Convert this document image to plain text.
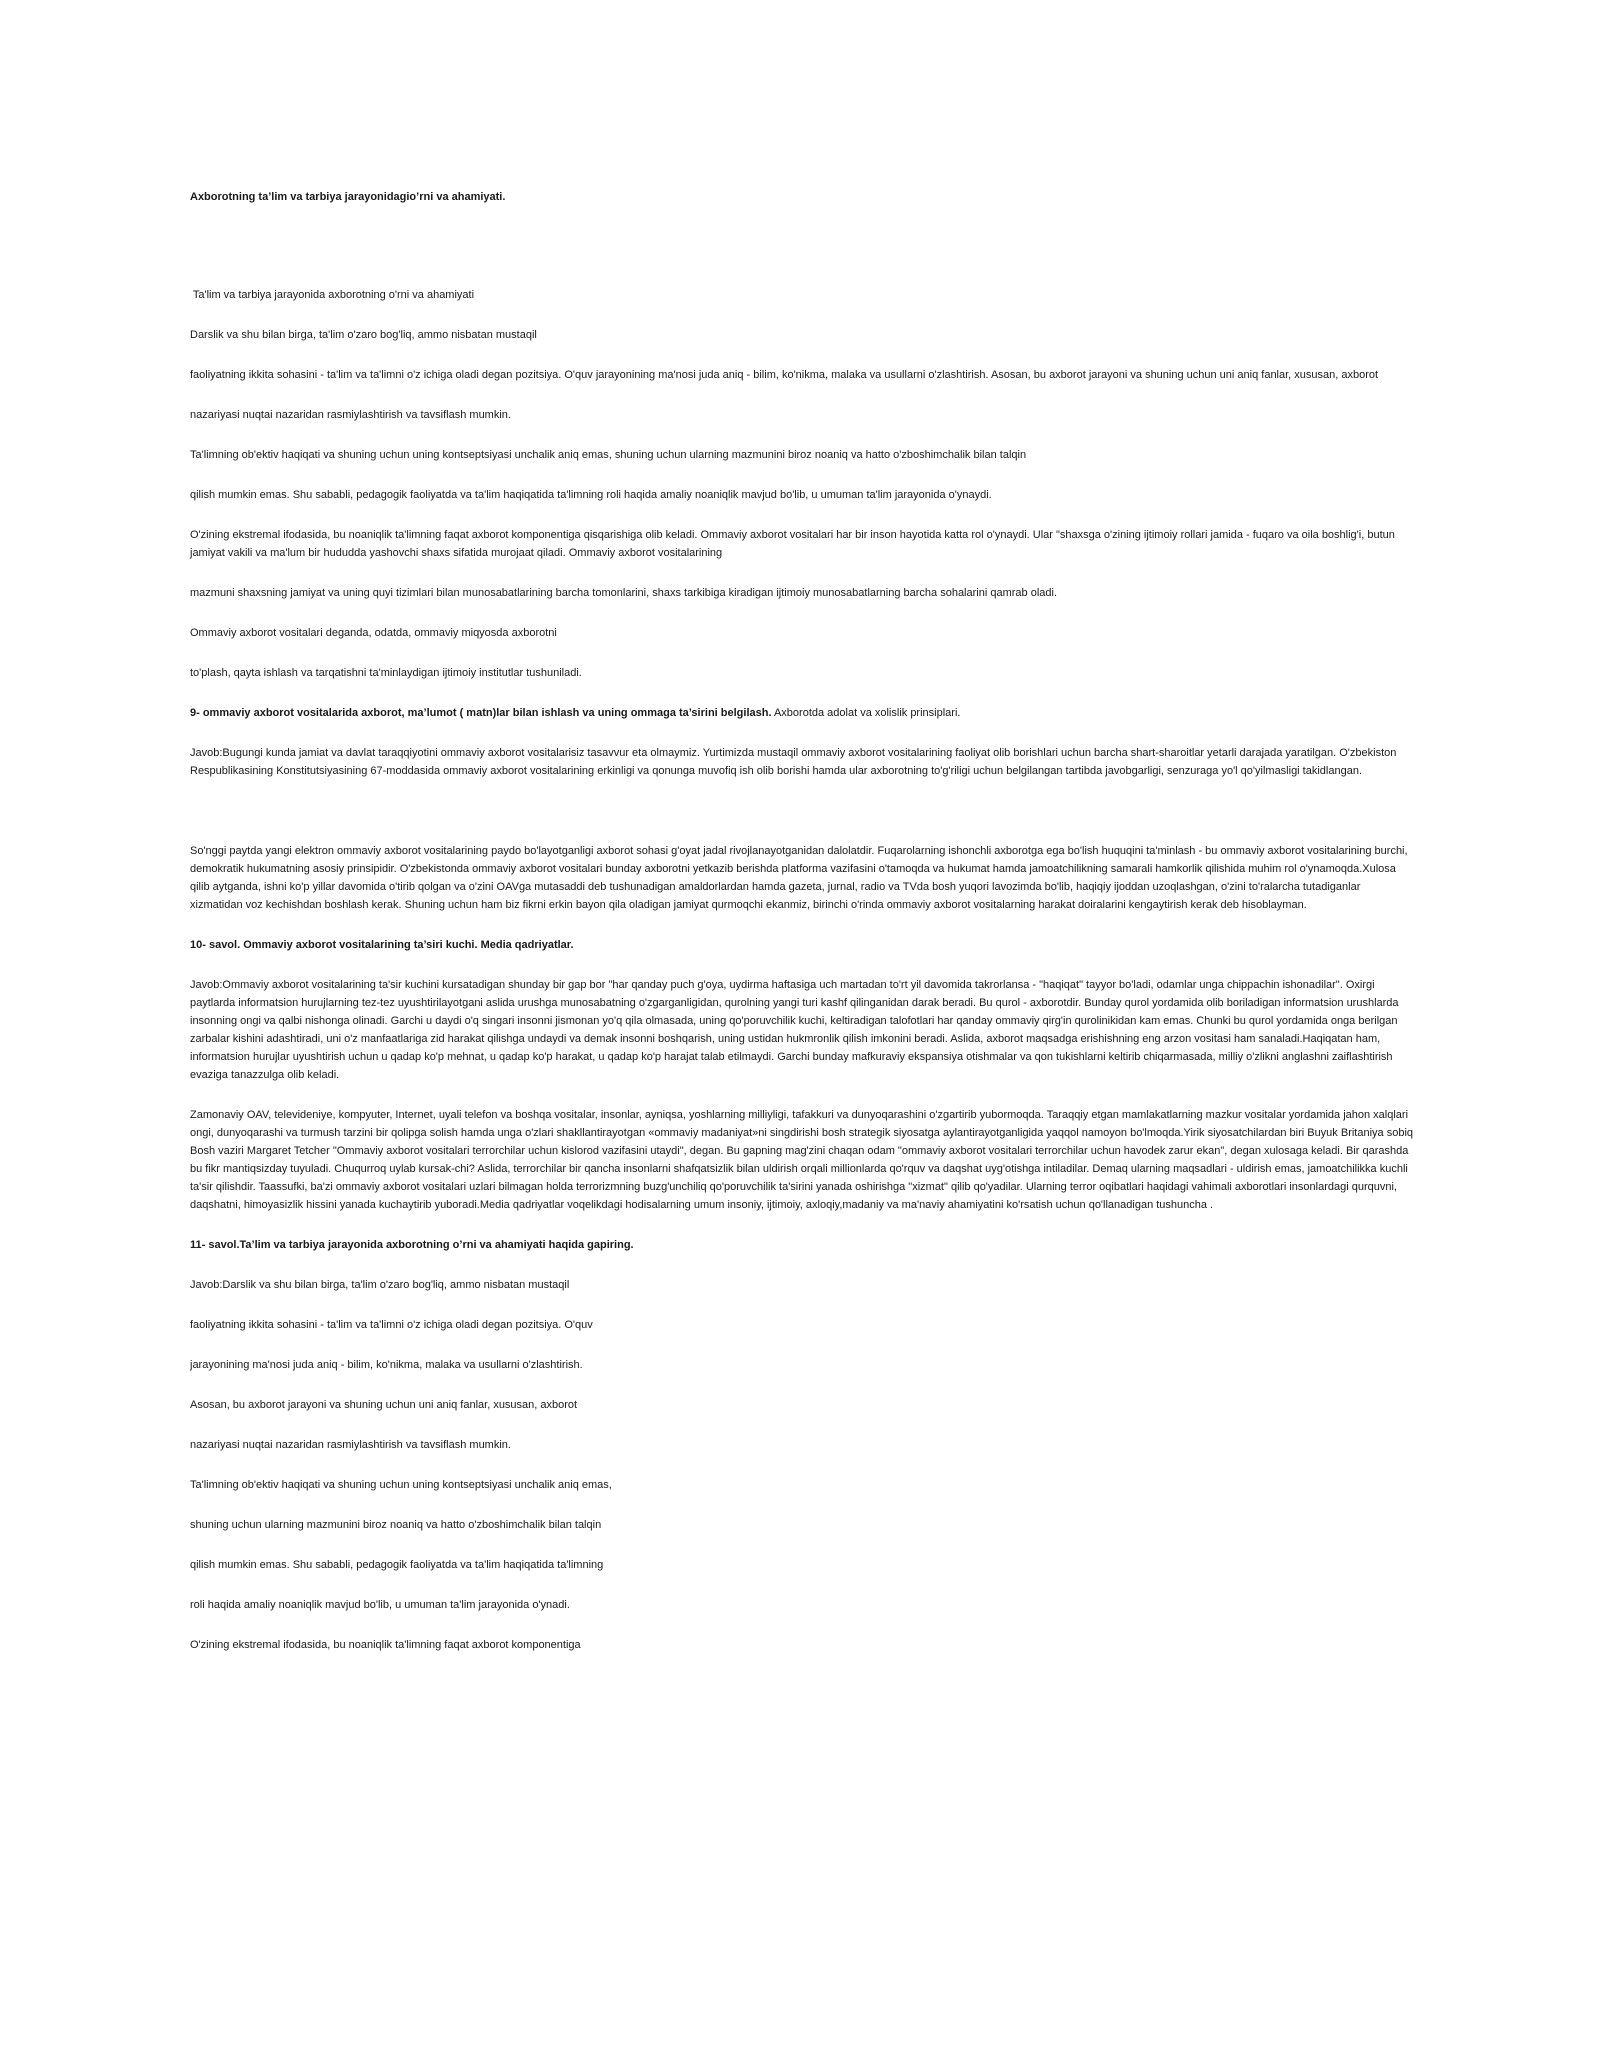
Axborotning ta’lim va tarbiya jarayonidagio’rni va ahamiyati.

Ta'lim va tarbiya jarayonida axborotning o'rni va ahamiyati

Darslik va shu bilan birga, ta'lim o'zaro bog'liq, ammo nisbatan mustaqil

faoliyatning ikkita sohasini - ta'lim va ta'limni o'z ichiga oladi degan pozitsiya. O'quv jarayonining ma'nosi juda aniq - bilim, ko'nikma, malaka va usullarni o'zlashtirish. Asosan, bu axborot jarayoni va shuning uchun uni aniq fanlar, xususan, axborot

nazariyasi nuqtai nazaridan rasmiylashtirish va tavsiflash mumkin.

Ta'limning ob'ektiv haqiqati va shuning uchun uning kontseptsiyasi unchalik aniq emas, shuning uchun ularning mazmunini biroz noaniq va hatto o'zboshimchalik bilan talqin

qilish mumkin emas. Shu sababli, pedagogik faoliyatda va ta'lim haqiqatida ta'limning roli haqida amaliy noaniqlik mavjud bo'lib, u umuman ta'lim jarayonida o'ynaydi.

O'zining ekstremal ifodasida, bu noaniqlik ta'limning faqat axborot komponentiga qisqarishiga olib keladi. Ommaviy axborot vositalari har bir inson hayotida katta rol o'ynaydi. Ular "shaxsga o'zining ijtimoiy rollari jamida - fuqaro va oila boshlig'i, butun jamiyat vakili va ma'lum bir hududda yashovchi shaxs sifatida murojaat qiladi. Ommaviy axborot vositalarining

mazmuni shaxsning jamiyat va uning quyi tizimlari bilan munosabatlarining barcha tomonlarini, shaxs tarkibiga kiradigan ijtimoiy munosabatlarning barcha sohalarini qamrab oladi.

Ommaviy axborot vositalari deganda, odatda, ommaviy miqyosda axborotni

to'plash, qayta ishlash va tarqatishni ta'minlaydigan ijtimoiy institutlar tushuniladi.

9- ommaviy axborot vositalarida axborot, ma’lumot ( matn)lar bilan ishlash va uning ommaga ta’sirini belgilash. Axborotda adolat va xolislik prinsiplari.

Javob:Bugungi kunda jamiat va davlat taraqqiyotini ommaviy axborot vositalarisiz tasavvur eta olmaymiz. Yurtimizda mustaqil ommaviy axborot vositalarining faoliyat olib borishlari uchun barcha shart-sharoitlar yetarli darajada yaratilgan. O'zbekiston Respublikasining Konstitutsiyasining 67-moddasida ommaviy axborot vositalarining erkinligi va qonunga muvofiq ish olib borishi hamda ular axborotning to'g'riligi uchun belgilangan tartibda javobgarligi, senzuraga yo'l qo'yilmasligi takidlangan.

So'nggi paytda yangi elektron ommaviy axborot vositalarining paydo bo'layotganligi axborot sohasi g'oyat jadal rivojlanayotganidan dalolatdir. Fuqarolarning ishonchli axborotga ega bo'lish huquqini ta'minlash - bu ommaviy axborot vositalarining burchi, demokratik hukumatning asosiy prinsipidir. O'zbekistonda ommaviy axborot vositalari bunday axborotni yetkazib berishda platforma vazifasini o'tamoqda va hukumat hamda jamoatchilikning samarali hamkorlik qilishida muhim rol o'ynamoqda.Xulosa qilib aytganda, ishni ko'p yillar davomida o'tirib qolgan va o'zini OAVga mutasaddi deb tushunadigan amaldorlardan hamda gazeta, jurnal, radio va TVda bosh yuqori lavozimda bo'lib, haqiqiy ijoddan uzoqlashgan, o'zini to'ralarcha tutadiganlar xizmatidan voz kechishdan boshlash kerak. Shuning uchun ham biz fikrni erkin bayon qila oladigan jamiyat qurmoqchi ekanmiz, birinchi o'rinda ommaviy axborot vositalarning harakat doiralarini kengaytirish kerak deb hisoblayman.

10- savol. Ommaviy axborot vositalarining ta’siri kuchi. Media qadriyatlar.

Javob:Ommaviy axborot vositalarining ta'sir kuchini kursatadigan shunday bir gap bor "har qanday puch g'oya, uydirma haftasiga uch martadan to'rt yil davomida takrorlansa - "haqiqat" tayyor bo'ladi, odamlar unga chippachin ishonadilar". Oxirgi paytlarda informatsion hurujlarning tez-tez uyushtirilayotgani aslida urushga munosabatning o'zgarganligidan, qurolning yangi turi kashf qilinganidan darak beradi. Bu qurol - axborotdir. Bunday qurol yordamida olib boriladigan informatsion urushlarda insonning ongi va qalbi nishonga olinadi. Garchi u daydi o'q singari insonni jismonan yo'q qila olmasada, uning qo'poruvchilik kuchi, keltiradigan talofotlari har qanday ommaviy qirg'in qurolinikidan kam emas. Chunki bu qurol yordamida onga berilgan zarbalar kishini adashtiradi, uni o'z manfaatlariga zid harakat qilishga undaydi va demak insonni boshqarish, uning ustidan hukmronlik qilish imkonini beradi. Aslida, axborot maqsadga erishishning eng arzon vositasi ham sanaladi.Haqiqatan ham, informatsion hurujlar uyushtirish uchun u qadap ko'p mehnat, u qadap ko'p harakat, u qadap ko'p harajat talab etilmaydi. Garchi bunday mafkuraviy ekspansiya otishmalar va qon tukishlarni keltirib chiqarmasada, milliy o'zlikni anglashni zaiflashtirish evaziga tanazzulga olib keladi.

Zamonaviy OAV, televideniye, kompyuter, Internet, uyali telefon va boshqa vositalar, insonlar, ayniqsa, yoshlarning milliyligi, tafakkuri va dunyoqarashini o'zgartirib yubormoqda. Taraqqiy etgan mamlakatlarning mazkur vositalar yordamida jahon xalqlari ongi, dunyoqarashi va turmush tarzini bir qolipga solish hamda unga o'zlari shakllantirayotgan «ommaviy madaniyat»ni singdirishi bosh strategik siyosatga aylantirayotganligida yaqqol namoyon bo'lmoqda.Yirik siyosatchilardan biri Buyuk Britaniya sobiq Bosh vaziri Margaret Tetcher "Ommaviy axborot vositalari terrorchilar uchun kislorod vazifasini utaydi", degan. Bu gapning mag'zini chaqan odam "ommaviy axborot vositalari terrorchilar uchun havodek zarur ekan", degan xulosaga keladi. Bir qarashda bu fikr mantiqsizday tuyuladi. Chuqurroq uylab kursak-chi? Aslida, terrorchilar bir qancha insonlarni shafqatsizlik bilan uldirish orqali millionlarda qo'rquv va daqshat uyg'otishga intiladilar. Demaq ularning maqsadlari - uldirish emas, jamoatchilikka kuchli ta'sir qilishdir. Taassufki, ba'zi ommaviy axborot vositalari uzlari bilmagan holda terrorizmning buzg'unchiliq qo'poruvchilik ta'sirini yanada oshirishga "xizmat" qilib qo'yadilar. Ularning terror oqibatlari haqidagi vahimali axborotlari insonlardagi qurquvni, daqshatni, himoyasizlik hissini yanada kuchaytirib yuboradi.Media qadriyatlar voqelikdagi hodisalarning umum insoniy, ijtimoiy, axloqiy,madaniy va ma'naviy ahamiyatini ko'rsatish uchun qo'llanadigan tushuncha .

11- savol.Ta’lim va tarbiya jarayonida axborotning o’rni va ahamiyati haqida gapiring.

Javob:Darslik va shu bilan birga, ta'lim o'zaro bog'liq, ammo nisbatan mustaqil

faoliyatning ikkita sohasini - ta'lim va ta'limni o'z ichiga oladi degan pozitsiya. O'quv

jarayonining ma'nosi juda aniq - bilim, ko'nikma, malaka va usullarni o'zlashtirish.

Asosan, bu axborot jarayoni va shuning uchun uni aniq fanlar, xususan, axborot

nazariyasi nuqtai nazaridan rasmiylashtirish va tavsiflash mumkin.

Ta'limning ob'ektiv haqiqati va shuning uchun uning kontseptsiyasi unchalik aniq emas,

shuning uchun ularning mazmunini biroz noaniq va hatto o'zboshimchalik bilan talqin

qilish mumkin emas. Shu sababli, pedagogik faoliyatda va ta'lim haqiqatida ta'limning

roli haqida amaliy noaniqlik mavjud bo'lib, u umuman ta'lim jarayonida o'ynadi.

O'zining ekstremal ifodasida, bu noaniqlik ta'limning faqat axborot komponentiga
